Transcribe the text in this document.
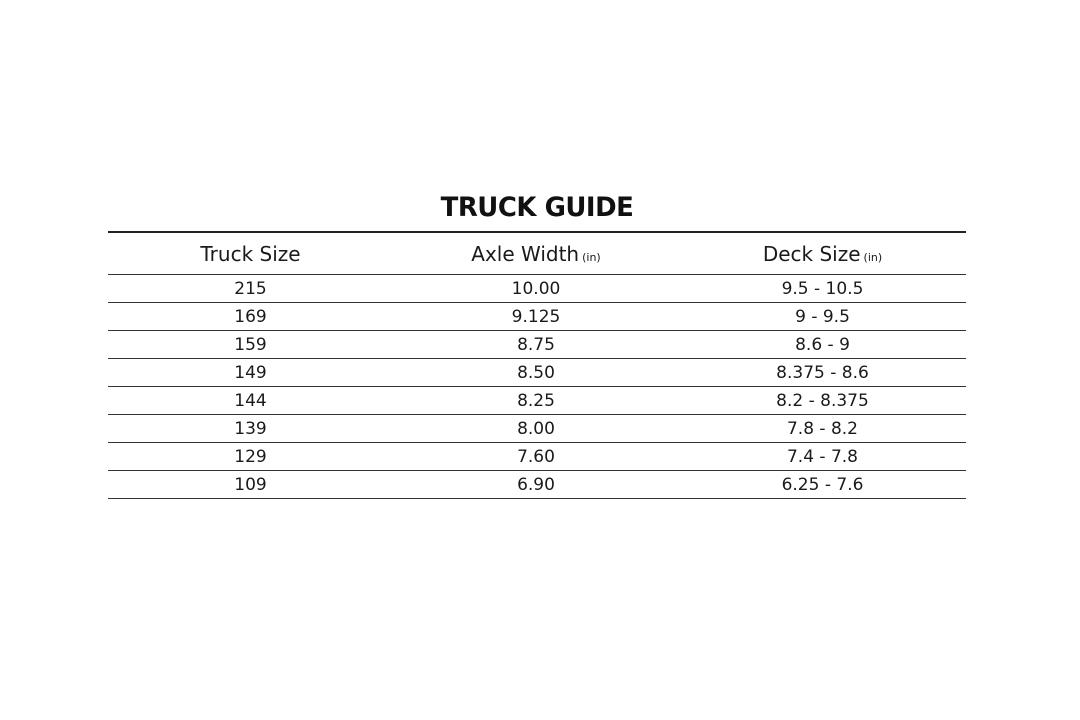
TRUCK GUIDE
Truck Size	Axle Width (in)	Deck Size (in)
215	10.00	9.5 - 10.5
169	9.125	9 - 9.5
159	8.75	8.6 - 9
149	8.50	8.375 - 8.6
144	8.25	8.2 - 8.375
139	8.00	7.8 - 8.2
129	7.60	7.4 - 7.8
109	6.90	6.25 - 7.6
